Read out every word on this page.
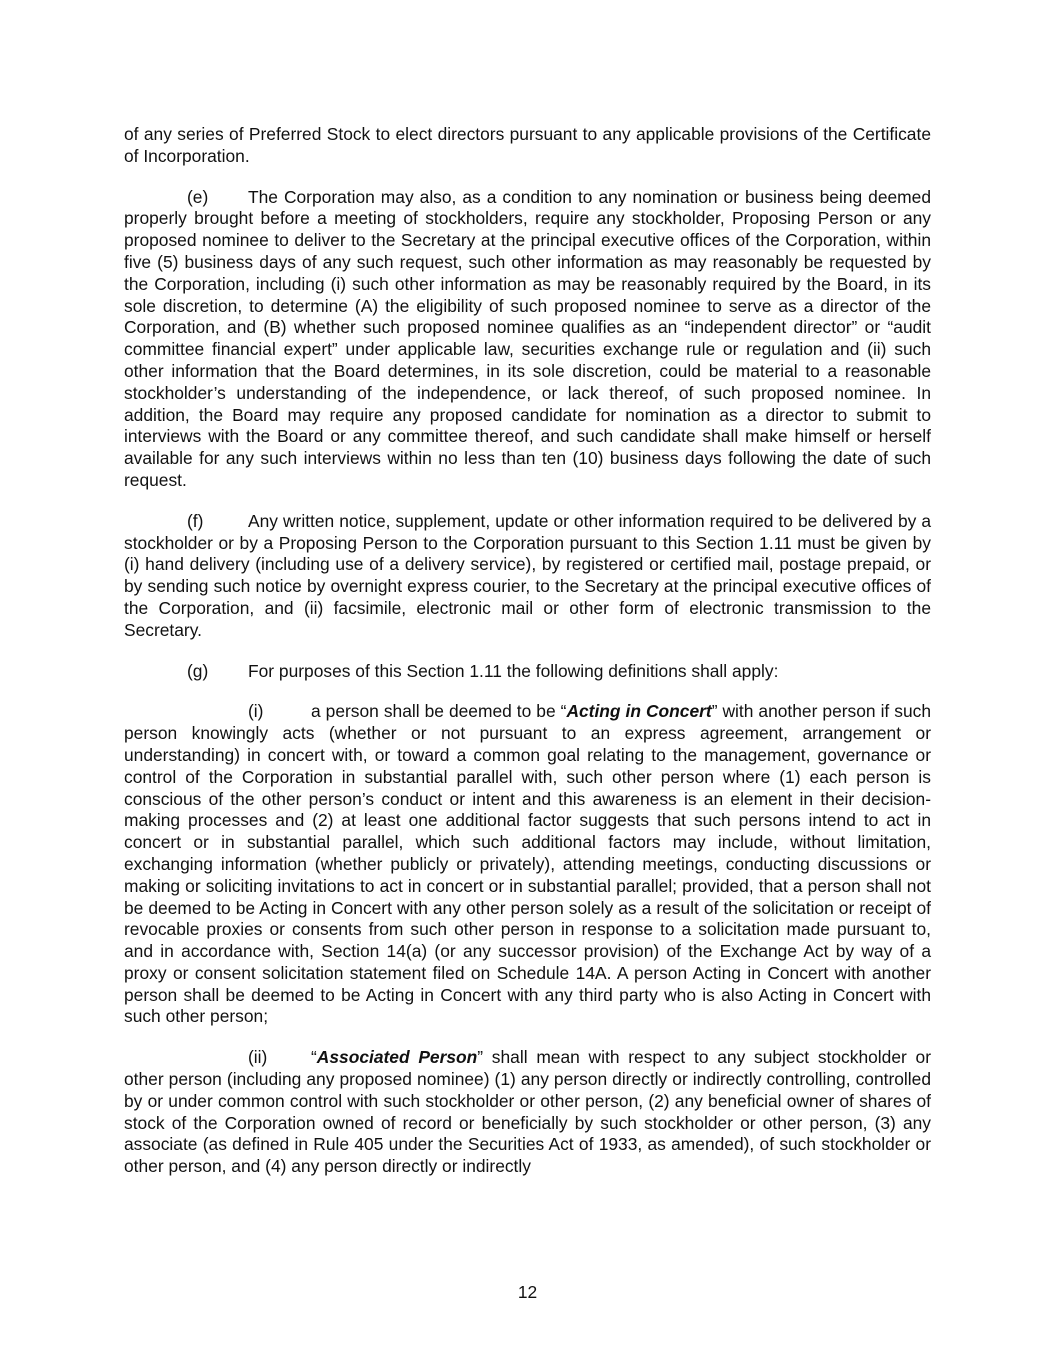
of any series of Preferred Stock to elect directors pursuant to any applicable provisions of the Certificate of Incorporation.

(e) The Corporation may also, as a condition to any nomination or business being deemed properly brought before a meeting of stockholders, require any stockholder, Proposing Person or any proposed nominee to deliver to the Secretary at the principal executive offices of the Corporation, within five (5) business days of any such request, such other information as may reasonably be requested by the Corporation, including (i) such other information as may be reasonably required by the Board, in its sole discretion, to determine (A) the eligibility of such proposed nominee to serve as a director of the Corporation, and (B) whether such proposed nominee qualifies as an “independent director” or “audit committee financial expert” under applicable law, securities exchange rule or regulation and (ii) such other information that the Board determines, in its sole discretion, could be material to a reasonable stockholder’s understanding of the independence, or lack thereof, of such proposed nominee. In addition, the Board may require any proposed candidate for nomination as a director to submit to interviews with the Board or any committee thereof, and such candidate shall make himself or herself available for any such interviews within no less than ten (10) business days following the date of such request.

(f)	Any written notice, supplement, update or other information required to be delivered by a stockholder or by a Proposing Person to the Corporation pursuant to this Section 1.11 must be given by (i) hand delivery (including use of a delivery service), by registered or certified mail, postage prepaid, or by sending such notice by overnight express courier, to the Secretary at the principal executive offices of the Corporation, and (ii) facsimile, electronic mail or other form of electronic transmission to the Secretary.

(g) For purposes of this Section 1.11 the following definitions shall apply:

(i)	a person shall be deemed to be “Acting in Concert” with another person if such person knowingly acts (whether or not pursuant to an express agreement, arrangement or understanding) in concert with, or toward a common goal relating to the management, governance or control of the Corporation in substantial parallel with, such other person where (1) each person is conscious of the other person’s conduct or intent and this awareness is an element in their decision-making processes and (2) at least one additional factor suggests that such persons intend to act in concert or in substantial parallel, which such additional factors may include, without limitation, exchanging information (whether publicly or privately), attending meetings, conducting discussions or making or soliciting invitations to act in concert or in substantial parallel; provided, that a person shall not be deemed to be Acting in Concert with any other person solely as a result of the solicitation or receipt of revocable proxies or consents from such other person in response to a solicitation made pursuant to, and in accordance with, Section 14(a) (or any successor provision) of the Exchange Act by way of a proxy or consent solicitation statement filed on Schedule 14A. A person Acting in Concert with another person shall be deemed to be Acting in Concert with any third party who is also Acting in Concert with such other person;

(ii)	“Associated Person” shall mean with respect to any subject stockholder or other person (including any proposed nominee) (1) any person directly or indirectly controlling, controlled by or under common control with such stockholder or other person, (2) any beneficial owner of shares of stock of the Corporation owned of record or beneficially by such stockholder or other person, (3) any associate (as defined in Rule 405 under the Securities Act of 1933, as amended), of such stockholder or other person, and (4) any person directly or indirectly

12
